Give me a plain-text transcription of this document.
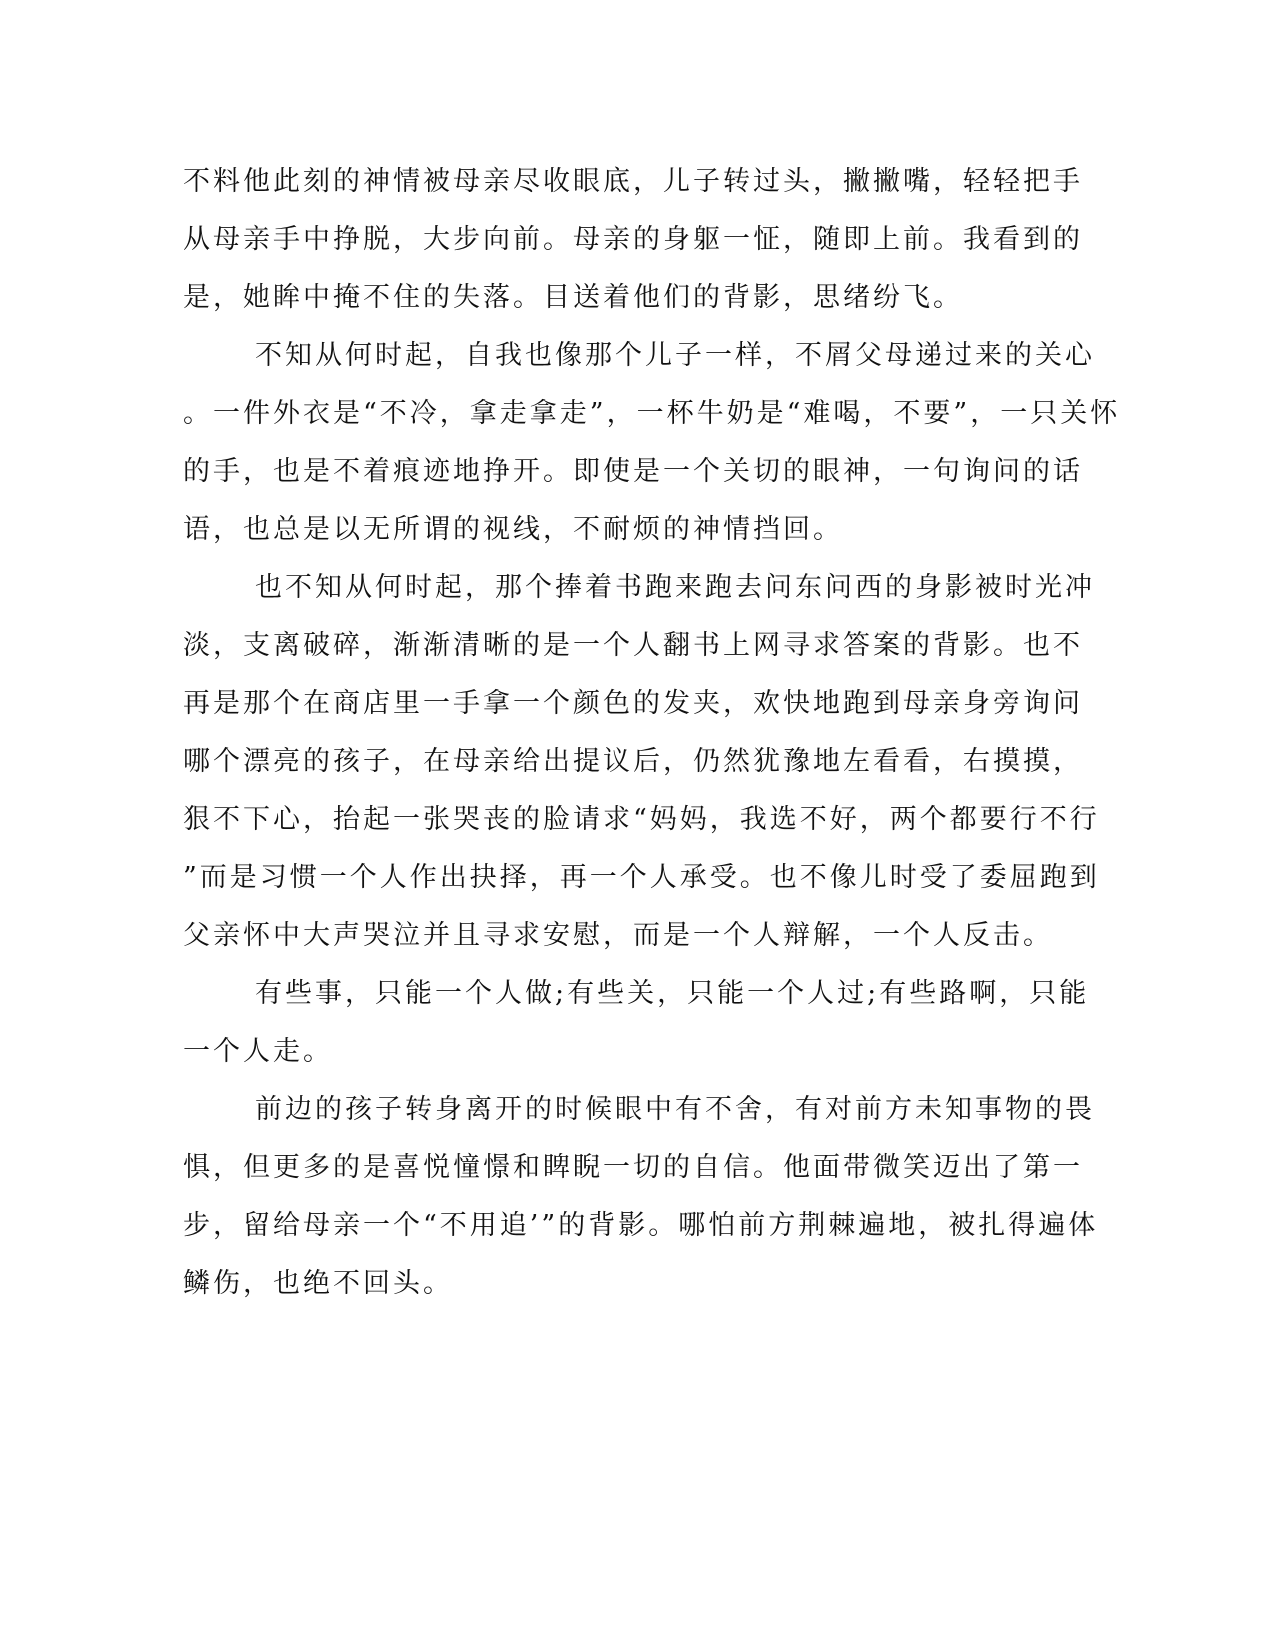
不料他此刻的神情被母亲尽收眼底，儿子转过头，撇撇嘴，轻轻把手
从母亲手中挣脱，大步向前。母亲的身躯一怔，随即上前。我看到的
是，她眸中掩不住的失落。目送着他们的背影，思绪纷飞。
不知从何时起，自我也像那个儿子一样，不屑父母递过来的关心
。一件外衣是“不冷，拿走拿走”，一杯牛奶是“难喝，不要”，一只关怀
的手，也是不着痕迹地挣开。即使是一个关切的眼神，一句询问的话
语，也总是以无所谓的视线，不耐烦的神情挡回。
也不知从何时起，那个捧着书跑来跑去问东问西的身影被时光冲
淡，支离破碎，渐渐清晰的是一个人翻书上网寻求答案的背影。也不
再是那个在商店里一手拿一个颜色的发夹，欢快地跑到母亲身旁询问
哪个漂亮的孩子，在母亲给出提议后，仍然犹豫地左看看，右摸摸，
狠不下心，抬起一张哭丧的脸请求“妈妈，我选不好，两个都要行不行
”而是习惯一个人作出抉择，再一个人承受。也不像儿时受了委屈跑到
父亲怀中大声哭泣并且寻求安慰，而是一个人辩解，一个人反击。
有些事，只能一个人做;有些关，只能一个人过;有些路啊，只能
一个人走。
前边的孩子转身离开的时候眼中有不舍，有对前方未知事物的畏
惧，但更多的是喜悦憧憬和睥睨一切的自信。他面带微笑迈出了第一
步，留给母亲一个“不用追’”的背影。哪怕前方荆棘遍地，被扎得遍体
鳞伤，也绝不回头。
